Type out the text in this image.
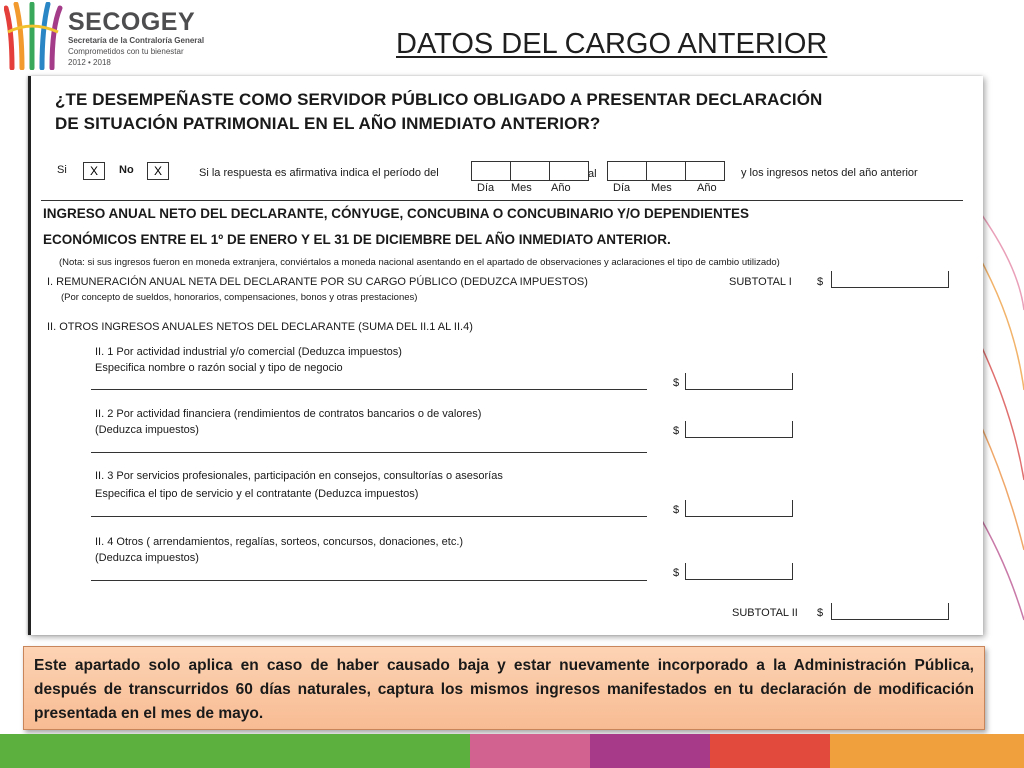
SECOGEY
Secretaría de la Contraloría General
Comprometidos con tu bienestar
2012 • 2018
DATOS DEL CARGO ANTERIOR
¿TE DESEMPEÑASTE COMO SERVIDOR PÚBLICO OBLIGADO A PRESENTAR DECLARACIÓN
DE SITUACIÓN PATRIMONIAL EN EL AÑO INMEDIATO ANTERIOR?
Si	X	No	X	Si la respuesta es afirmativa indica el período del
Día Mes Año
al
Día Mes Año
y los ingresos netos del año anterior
INGRESO ANUAL NETO DEL DECLARANTE, CÓNYUGE, CONCUBINA O CONCUBINARIO Y/O DEPENDIENTES
ECONÓMICOS ENTRE EL 1º DE ENERO Y EL 31 DE DICIEMBRE DEL AÑO INMEDIATO ANTERIOR.
(Nota: si sus ingresos fueron en moneda extranjera, conviértalos a moneda nacional asentando en el apartado de observaciones y aclaraciones el tipo de cambio utilizado)
I. REMUNERACIÓN ANUAL NETA DEL DECLARANTE POR SU CARGO PÚBLICO (DEDUZCA IMPUESTOS)
(Por concepto de sueldos, honorarios, compensaciones, bonos y otras prestaciones)
SUBTOTAL I $
II. OTROS INGRESOS ANUALES NETOS DEL DECLARANTE (SUMA DEL II.1 AL II.4)
II. 1 Por actividad industrial y/o comercial (Deduzca impuestos)
Especifica nombre o razón social y tipo de negocio
$
II. 2 Por actividad financiera (rendimientos de contratos bancarios o de valores)
(Deduzca impuestos)	$
II. 3 Por servicios profesionales, participación en consejos, consultorías o asesorías
Especifica el tipo de servicio y el contratante (Deduzca impuestos)
$
II. 4 Otros ( arrendamientos, regalías, sorteos, concursos, donaciones, etc.)
(Deduzca impuestos)
$
SUBTOTAL II $
Este apartado solo aplica en caso de haber causado baja y estar nuevamente incorporado a la Administración Pública, después de transcurridos 60 días naturales, captura los mismos ingresos manifestados en tu declaración de modificación presentada en el mes de mayo.
